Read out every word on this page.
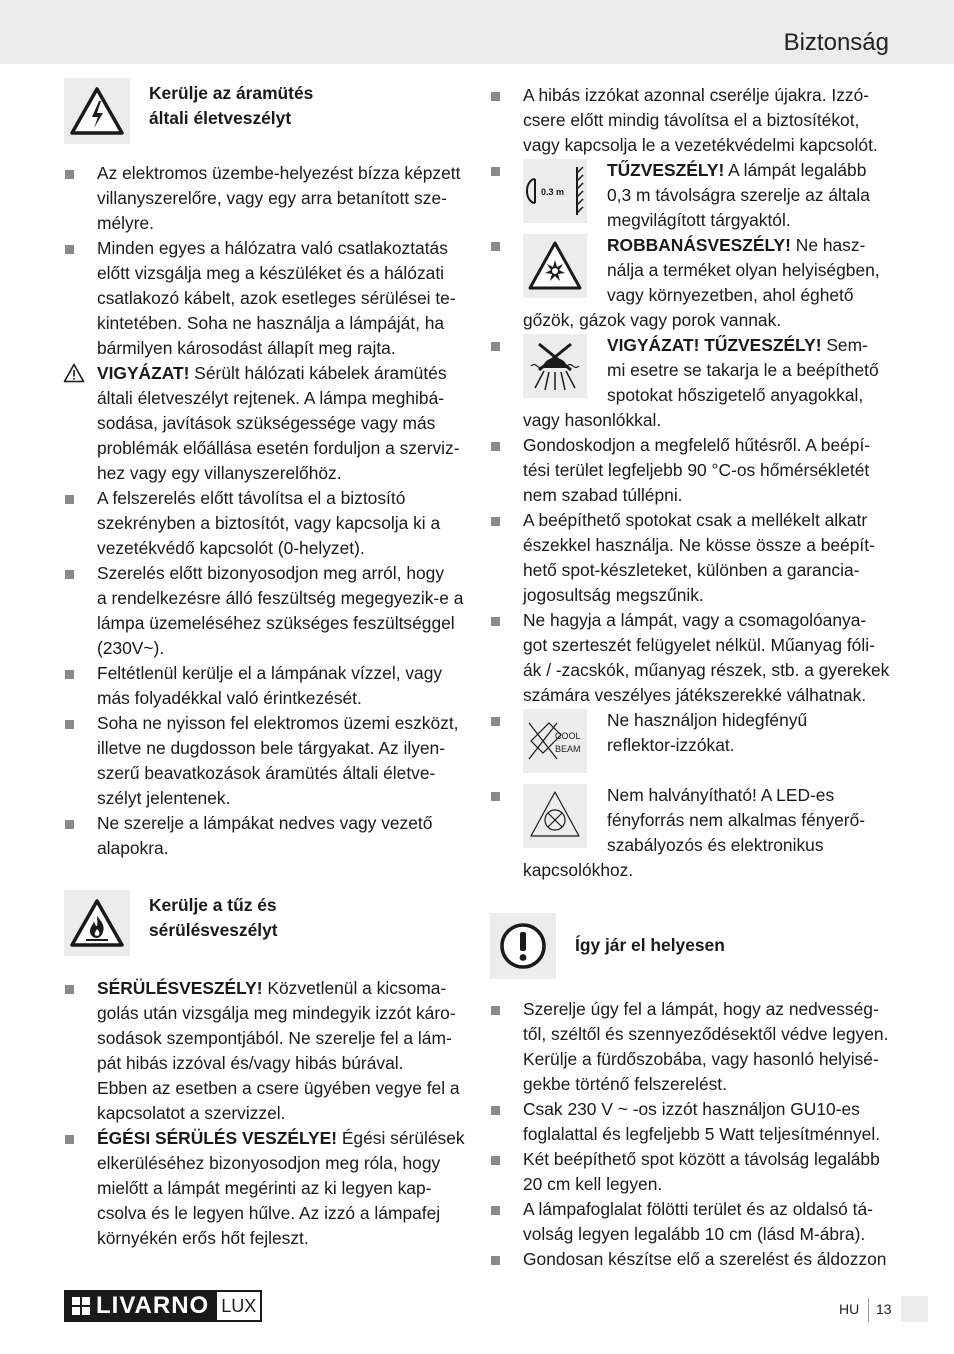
Biztonság
Kerülje az áramütés
általi életveszélyt
Az elektromos üzembe-helyezést bízza képzett
villanyszerelőre, vagy egy arra betanított sze-
mélyre.
Minden egyes a hálózatra való csatlakoztatás
előtt vizsgálja meg a készüléket és a hálózati
csatlakozó kábelt, azok esetleges sérülései te-
kintetében. Soha ne használja a lámpáját, ha
bármilyen károsodást állapít meg rajta.
VIGYÁZAT! Sérült hálózati kábelek áramütés
általi életveszélyt rejtenek. A lámpa meghibá-
sodása, javítások szükségessége vagy más
problémák előállása esetén forduljon a szerviz-
hez vagy egy villanyszerelőhöz.
A felszerelés előtt távolítsa el a biztosító
szekrényben a biztosítót, vagy kapcsolja ki a
vezetékvédő kapcsolót (0-helyzet).
Szerelés előtt bizonyosodjon meg arról, hogy
a rendelkezésre álló feszültség megegyezik-e a
lámpa üzemeléséhez szükséges feszültséggel
(230V~).
Feltétlenül kerülje el a lámpának vízzel, vagy
más folyadékkal való érintkezését.
Soha ne nyisson fel elektromos üzemi eszközt,
illetve ne dugdosson bele tárgyakat. Az ilyen-
szerű beavatkozások áramütés általi életve-
szélyt jelentenek.
Ne szerelje a lámpákat nedves vagy vezető
alapokra.
Kerülje a tűz és
sérülésveszélyt
SÉRÜLÉSVESZÉLY! Közvetlenül a kicsoma-
golás után vizsgálja meg mindegyik izzót káro-
sodások szempontjából. Ne szerelje fel a lám-
pát hibás izzóval és/vagy hibás búrával.
Ebben az esetben a csere ügyében vegye fel a
kapcsolatot a szervizzel.
ÉGÉSI SÉRÜLÉS VESZÉLYE! Égési sérülések
elkerüléséhez bizonyosodjon meg róla, hogy
mielőtt a lámpát megérinti az ki legyen kap-
csolva és le legyen hűlve. Az izzó a lámpafej
környékén erős hőt fejleszt.
A hibás izzókat azonnal cserélje újakra. Izzó-
csere előtt mindig távolítsa el a biztosítékot,
vagy kapcsolja le a vezetékvédelmi kapcsolót.
0.3 m
TŰZVESZÉLY! A lámpát legalább
0,3 m távolságra szerelje az általa
megvilágított tárgyaktól.
ROBBANÁSVESZÉLY! Ne hasz-
nálja a terméket olyan helyiségben,
vagy környezetben, ahol éghető
gőzök, gázok vagy porok vannak.
VIGYÁZAT! TŰZVESZÉLY! Sem-
mi esetre se takarja le a beépíthető
spotokat hőszigetelő anyagokkal,
vagy hasonlókkal.
Gondoskodjon a megfelelő hűtésről. A beépí-
tési terület legfeljebb 90 °C-os hőmérsékletét
nem szabad túllépni.
A beépíthető spotokat csak a mellékelt alkatr
észekkel használja. Ne kösse össze a beépít-
hető spot-készleteket, különben a garancia-
jogosultság megszűnik.
Ne hagyja a lámpát, vagy a csomagolóanya-
got szerteszét felügyelet nélkül. Műanyag fóli-
ák / -zacskók, műanyag részek, stb. a gyerekek
számára veszélyes játékszerekké válhatnak.
COOL
BEAM
Ne használjon hidegfényű
reflektor-izzókat.
Nem halványítható! A LED-es
fényforrás nem alkalmas fényerő-
szabályozós és elektronikus
kapcsolókhoz.
Így jár el helyesen
Szerelje úgy fel a lámpát, hogy az nedvesség-
től, széltől és szennyeződésektől védve legyen.
Kerülje a fürdőszobába, vagy hasonló helyisé-
gekbe történő felszerelést.
Csak 230 V ~ -os izzót használjon GU10-es
foglalattal és legfeljebb 5 Watt teljesítménnyel.
Két beépíthető spot között a távolság legalább
20 cm kell legyen.
A lámpafoglalat fölötti terület és az oldalsó tá-
volság legyen legalább 10 cm (lásd M-ábra).
Gondosan készítse elő a szerelést és áldozzon
LIVARNO LUX	HU 13
